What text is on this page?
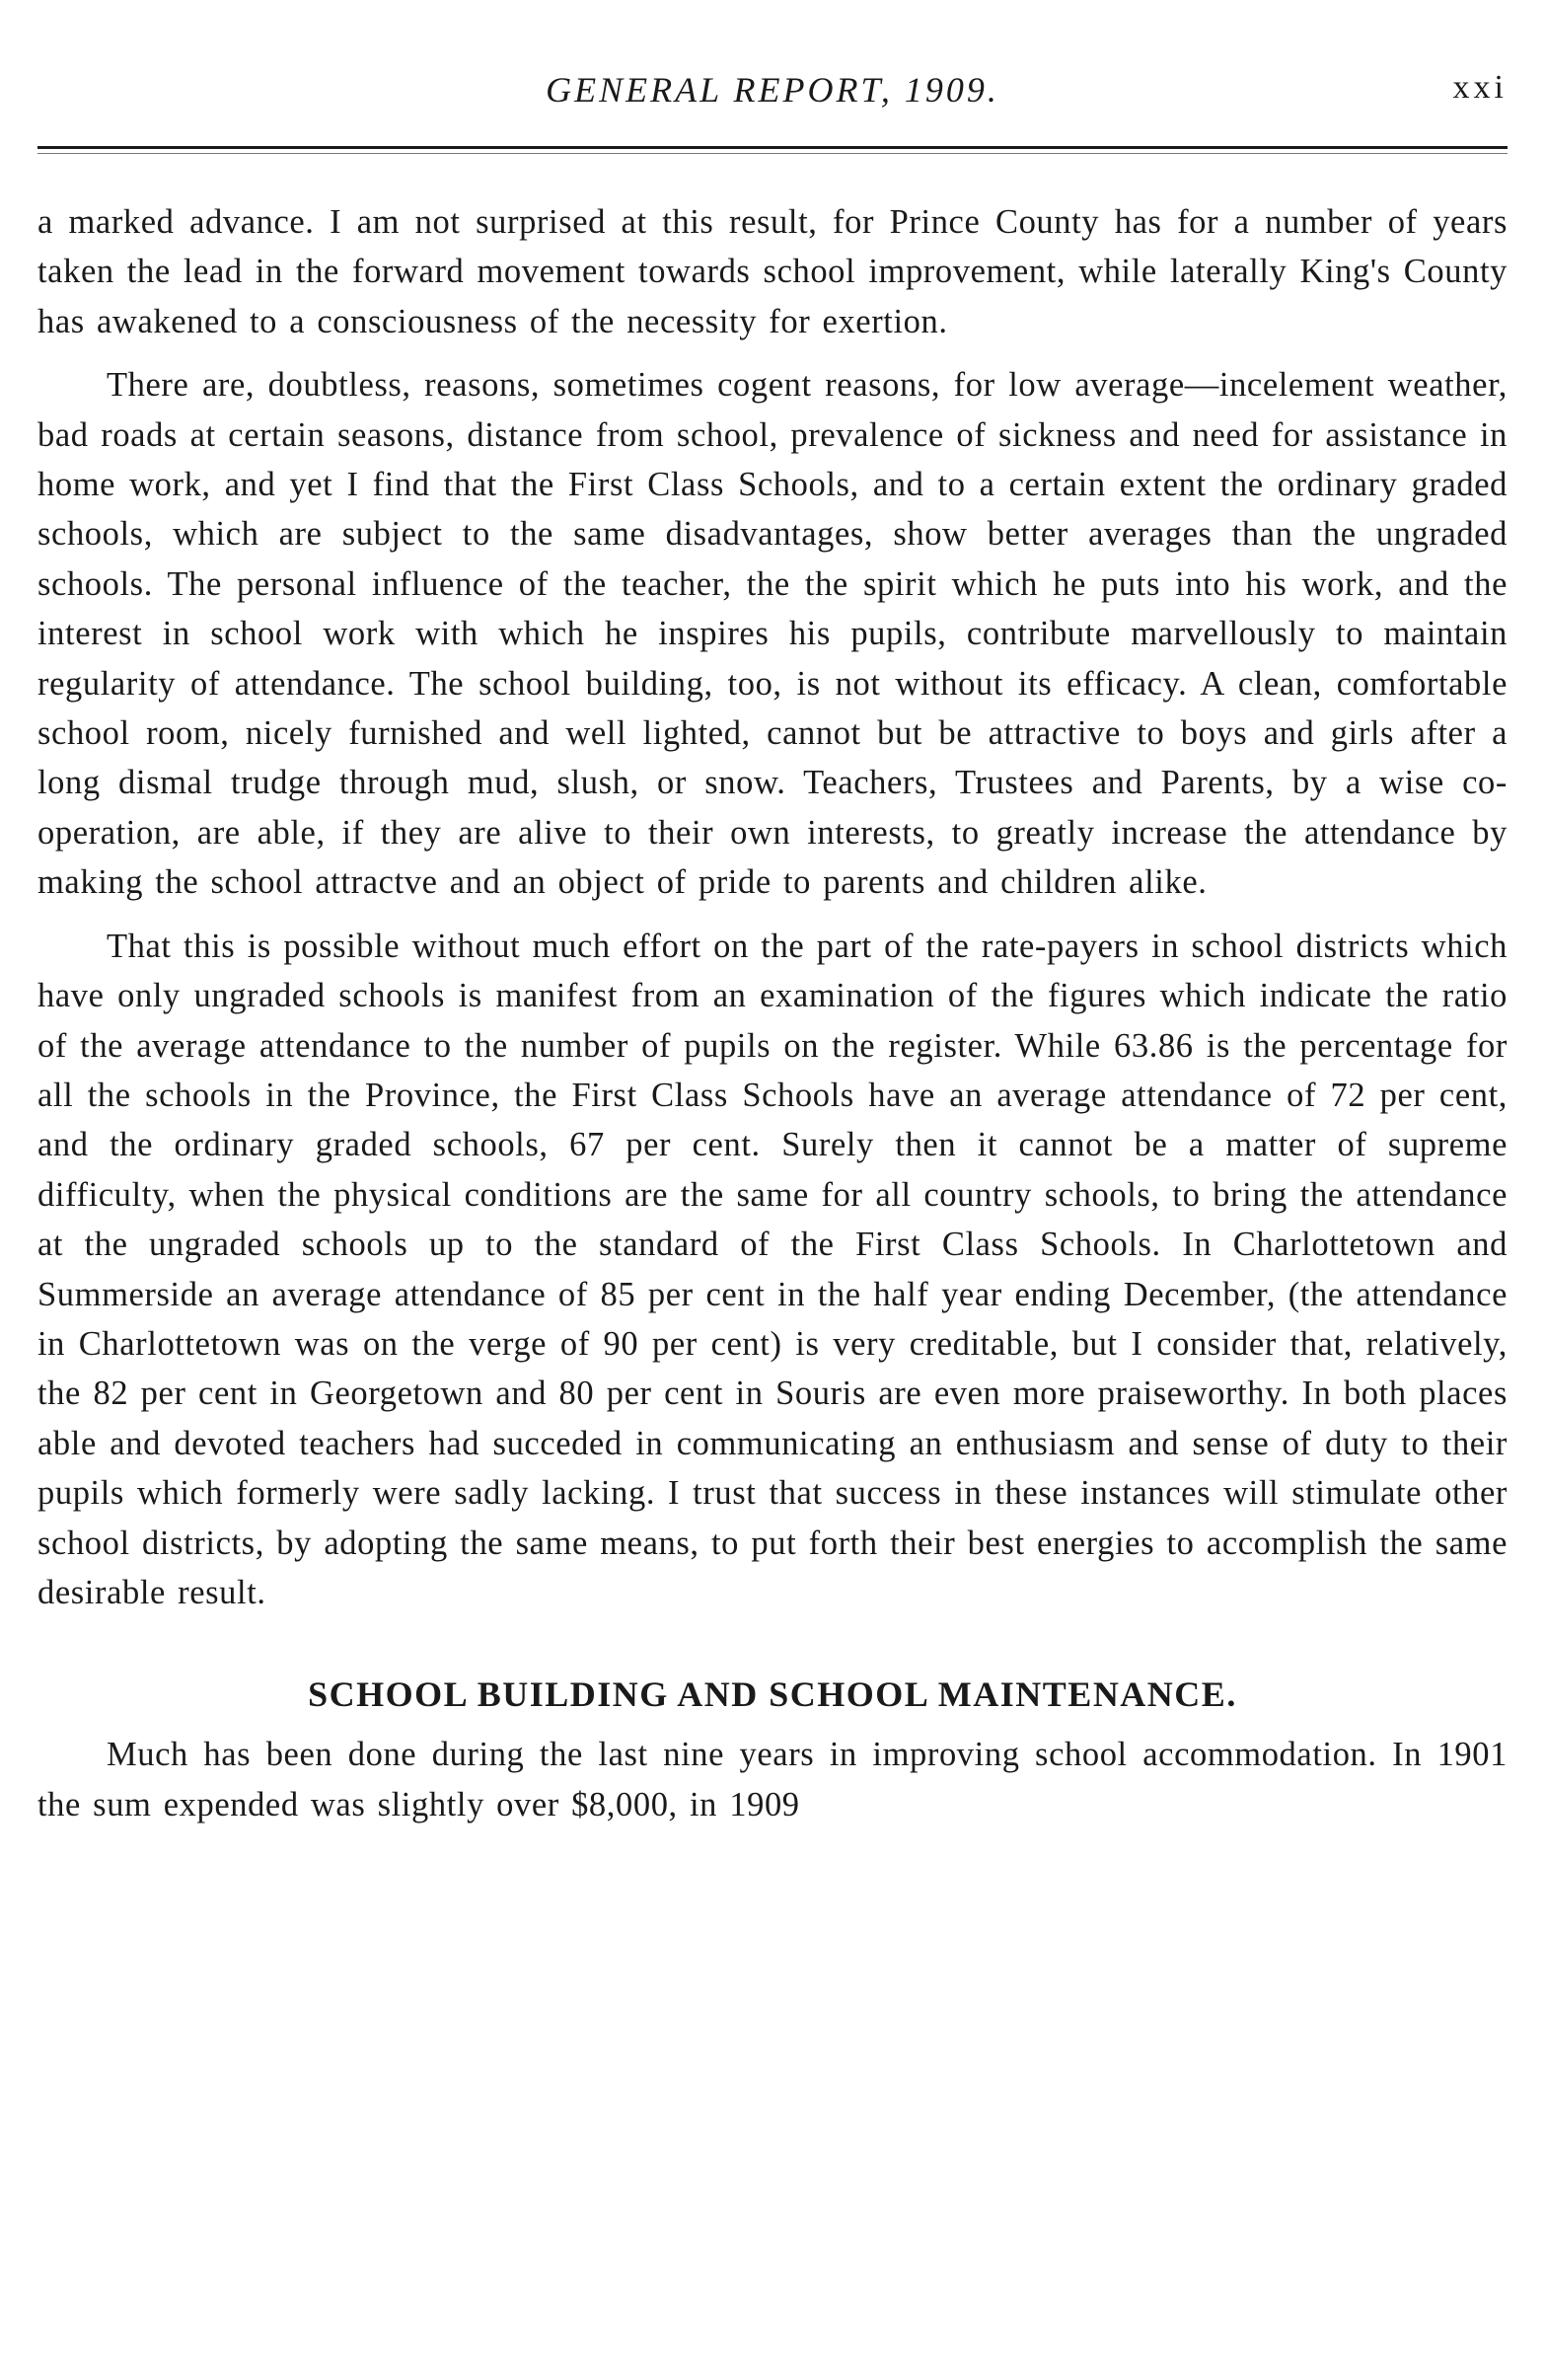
GENERAL REPORT, 1909.	xxi

a marked advance. I am not surprised at this result, for Prince County has for a number of years taken the lead in the forward movement towards school improvement, while laterally King's County has awakened to a consciousness of the necessity for exertion.

There are, doubtless, reasons, sometimes cogent reasons, for low average—incelement weather, bad roads at certain seasons, distance from school, prevalence of sickness and need for assistance in home work, and yet I find that the First Class Schools, and to a certain extent the ordinary graded schools, which are subject to the same disadvantages, show better averages than the ungraded schools. The personal influence of the teacher, the the spirit which he puts into his work, and the interest in school work with which he inspires his pupils, contribute marvellously to maintain regularity of attendance. The school building, too, is not without its efficacy. A clean, comfortable school room, nicely furnished and well lighted, cannot but be attractive to boys and girls after a long dismal trudge through mud, slush, or snow. Teachers, Trustees and Parents, by a wise co-operation, are able, if they are alive to their own interests, to greatly increase the attendance by making the school attractve and an object of pride to parents and children alike.

That this is possible without much effort on the part of the rate-payers in school districts which have only ungraded schools is manifest from an examination of the figures which indicate the ratio of the average attendance to the number of pupils on the register. While 63.86 is the percentage for all the schools in the Province, the First Class Schools have an average attendance of 72 per cent, and the ordinary graded schools, 67 per cent. Surely then it cannot be a matter of supreme difficulty, when the physical conditions are the same for all country schools, to bring the attendance at the ungraded schools up to the standard of the First Class Schools. In Charlottetown and Summerside an average attendance of 85 per cent in the half year ending December, (the attendance in Charlottetown was on the verge of 90 per cent) is very creditable, but I consider that, relatively, the 82 per cent in Georgetown and 80 per cent in Souris are even more praiseworthy. In both places able and devoted teachers had succeded in communicating an enthusiasm and sense of duty to their pupils which formerly were sadly lacking. I trust that success in these instances will stimulate other school districts, by adopting the same means, to put forth their best energies to accomplish the same desirable result.

SCHOOL BUILDING AND SCHOOL MAINTENANCE.

Much has been done during the last nine years in improving school accommodation. In 1901 the sum expended was slightly over $8,000, in 1909
